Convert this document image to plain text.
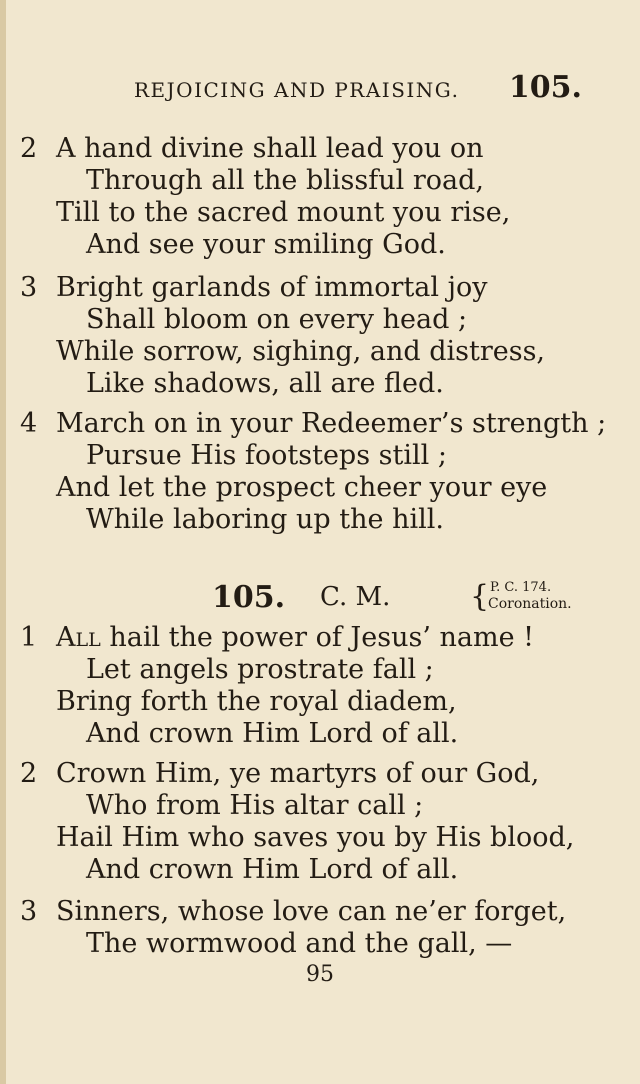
REJOICING AND PRAISING. 105.
2 A hand divine shall lead you on
Through all the blissful road,
Till to the sacred mount you rise,
And see your smiling God.
3 Bright garlands of immortal joy
Shall bloom on every head ;
While sorrow, sighing, and distress,
Like shadows, all are fled.
4 March on in your Redeemer’s strength ;
Pursue His footsteps still ;
And let the prospect cheer your eye
While laboring up the hill.
105. C. M.	{ P. C. 174.
Coronation.
1 All hail the power of Jesus’ name !
Let angels prostrate fall ;
Bring forth the royal diadem,
And crown Him Lord of all.
2 Crown Him, ye martyrs of our God,
Who from His altar call ;
Hail Him who saves you by His blood,
And crown Him Lord of all.
3 Sinners, whose love can ne’er forget,
The wormwood and the gall, —
95
